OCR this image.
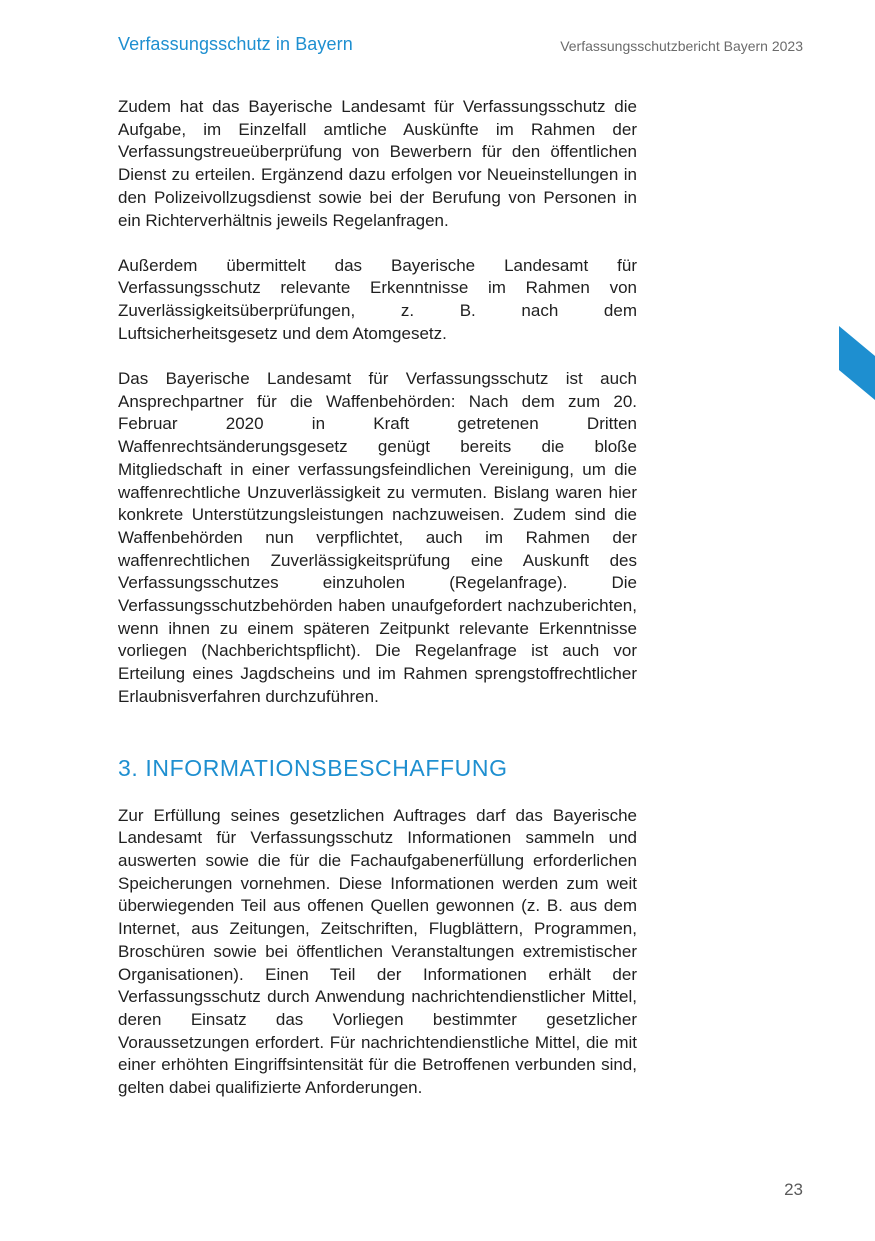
Verfassungsschutz in Bayern	Verfassungsschutzbericht Bayern 2023

Zudem hat das Bayerische Landesamt für Verfassungsschutz die Aufgabe, im Einzelfall amtliche Auskünfte im Rahmen der Verfassungstreueüberprüfung von Bewerbern für den öffentlichen Dienst zu erteilen. Ergänzend dazu erfolgen vor Neueinstellungen in den Polizeivollzugsdienst sowie bei der Berufung von Personen in ein Richterverhältnis jeweils Regelanfragen.

Außerdem übermittelt das Bayerische Landesamt für Verfassungsschutz relevante Erkenntnisse im Rahmen von Zuverlässigkeitsüberprüfungen, z. B. nach dem Luftsicherheitsgesetz und dem Atomgesetz.

Das Bayerische Landesamt für Verfassungsschutz ist auch Ansprechpartner für die Waffenbehörden: Nach dem zum 20. Februar 2020 in Kraft getretenen Dritten Waffenrechtsänderungsgesetz genügt bereits die bloße Mitgliedschaft in einer verfassungsfeindlichen Vereinigung, um die waffenrechtliche Unzuverlässigkeit zu vermuten. Bislang waren hier konkrete Unterstützungsleistungen nachzuweisen. Zudem sind die Waffenbehörden nun verpflichtet, auch im Rahmen der waffenrechtlichen Zuverlässigkeitsprüfung eine Auskunft des Verfassungsschutzes einzuholen (Regelanfrage). Die Verfassungsschutzbehörden haben unaufgefordert nachzuberichten, wenn ihnen zu einem späteren Zeitpunkt relevante Erkenntnisse vorliegen (Nachberichtspflicht). Die Regelanfrage ist auch vor Erteilung eines Jagdscheins und im Rahmen sprengstoffrechtlicher Erlaubnisverfahren durchzuführen.

3. INFORMATIONSBESCHAFFUNG

Zur Erfüllung seines gesetzlichen Auftrages darf das Bayerische Landesamt für Verfassungsschutz Informationen sammeln und auswerten sowie die für die Fachaufgabenerfüllung erforderlichen Speicherungen vornehmen. Diese Informationen werden zum weit überwiegenden Teil aus offenen Quellen gewonnen (z. B. aus dem Internet, aus Zeitungen, Zeitschriften, Flugblättern, Programmen, Broschüren sowie bei öffentlichen Veranstaltungen extremistischer Organisationen). Einen Teil der Informationen erhält der Verfassungsschutz durch Anwendung nachrichtendienstlicher Mittel, deren Einsatz das Vorliegen bestimmter gesetzlicher Voraussetzungen erfordert. Für nachrichtendienstliche Mittel, die mit einer erhöhten Eingriffsintensität für die Betroffenen verbunden sind, gelten dabei qualifizierte Anforderungen.

23
